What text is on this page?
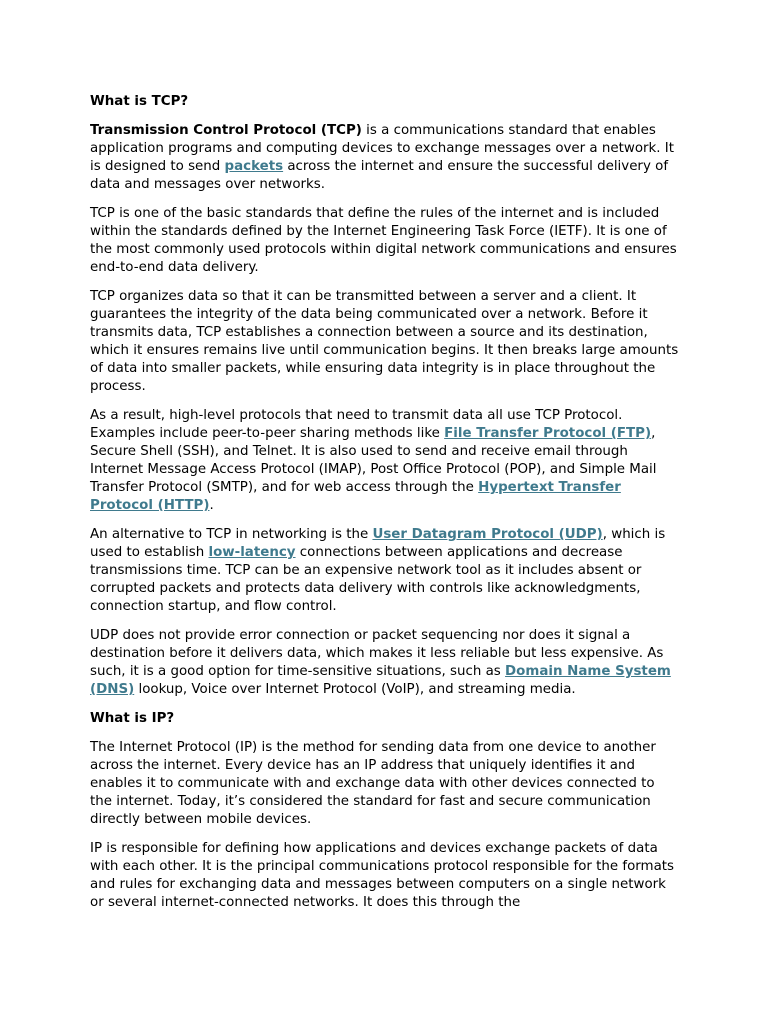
What is TCP?

Transmission Control Protocol (TCP) is a communications standard that enables application programs and computing devices to exchange messages over a network. It is designed to send packets across the internet and ensure the successful delivery of data and messages over networks.

TCP is one of the basic standards that define the rules of the internet and is included within the standards defined by the Internet Engineering Task Force (IETF). It is one of the most commonly used protocols within digital network communications and ensures end-to-end data delivery.

TCP organizes data so that it can be transmitted between a server and a client. It guarantees the integrity of the data being communicated over a network. Before it transmits data, TCP establishes a connection between a source and its destination, which it ensures remains live until communication begins. It then breaks large amounts of data into smaller packets, while ensuring data integrity is in place throughout the process.

As a result, high-level protocols that need to transmit data all use TCP Protocol. Examples include peer-to-peer sharing methods like File Transfer Protocol (FTP), Secure Shell (SSH), and Telnet. It is also used to send and receive email through Internet Message Access Protocol (IMAP), Post Office Protocol (POP), and Simple Mail Transfer Protocol (SMTP), and for web access through the Hypertext Transfer Protocol (HTTP).

An alternative to TCP in networking is the User Datagram Protocol (UDP), which is used to establish low-latency connections between applications and decrease transmissions time. TCP can be an expensive network tool as it includes absent or corrupted packets and protects data delivery with controls like acknowledgments, connection startup, and flow control.

UDP does not provide error connection or packet sequencing nor does it signal a destination before it delivers data, which makes it less reliable but less expensive. As such, it is a good option for time-sensitive situations, such as Domain Name System (DNS) lookup, Voice over Internet Protocol (VoIP), and streaming media.

What is IP?

The Internet Protocol (IP) is the method for sending data from one device to another across the internet. Every device has an IP address that uniquely identifies it and enables it to communicate with and exchange data with other devices connected to the internet. Today, it’s considered the standard for fast and secure communication directly between mobile devices.

IP is responsible for defining how applications and devices exchange packets of data with each other. It is the principal communications protocol responsible for the formats and rules for exchanging data and messages between computers on a single network or several internet-connected networks. It does this through the
